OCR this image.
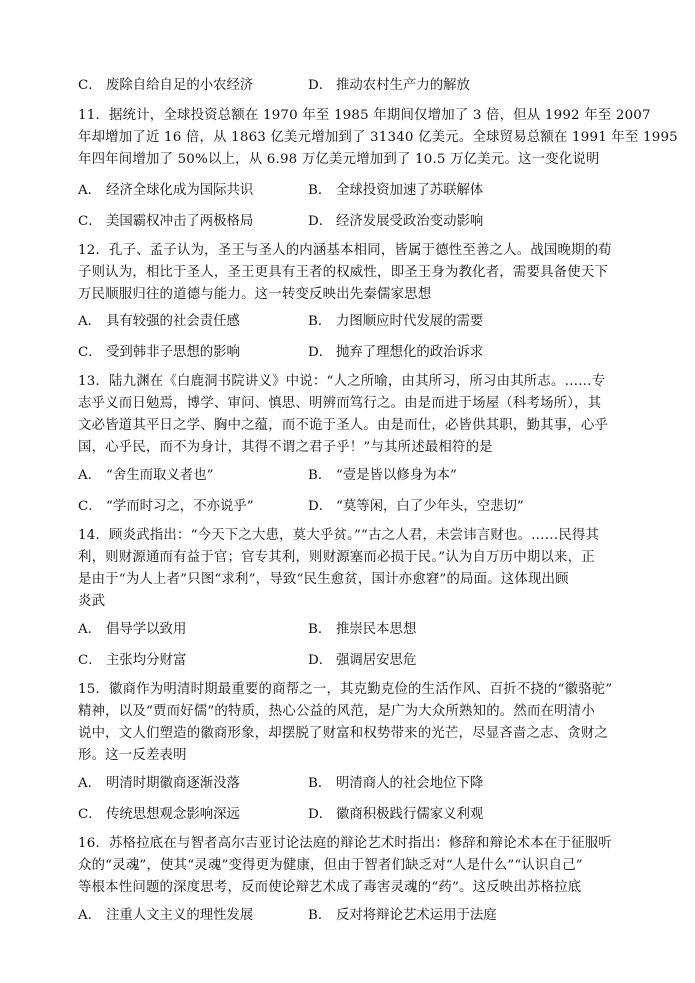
C． 废除自给自足的小农经济	D． 推动农村生产力的解放
11．据统计，全球投资总额在 1970 年至 1985 年期间仅增加了 3 倍，但从 1992 年至 2007
年却增加了近 16 倍，从 1863 亿美元增加到了 31340 亿美元。全球贸易总额在 1991 年至 1995
年四年间增加了 50%以上，从 6.98 万亿美元增加到了 10.5 万亿美元。这一变化说明
A． 经济全球化成为国际共识	B． 全球投资加速了苏联解体
C． 美国霸权冲击了两极格局	D． 经济发展受政治变动影响
12．孔子、孟子认为，圣王与圣人的内涵基本相同，皆属于德性至善之人。战国晚期的荀
子则认为，相比于圣人，圣王更具有王者的权威性，即圣王身为教化者，需要具备使天下
万民顺服归往的道德与能力。这一转变反映出先秦儒家思想
A． 具有较强的社会责任感	B． 力图顺应时代发展的需要
C． 受到韩非子思想的影响	D． 抛弃了理想化的政治诉求
13．陆九渊在《白鹿洞书院讲义》中说：“人之所喻，由其所习，所习由其所志。……专
志乎义而日勉焉，博学、审问、慎思、明辨而笃行之。由是而进于场屋（科考场所），其
文必皆道其平日之学、胸中之蕴，而不诡于圣人。由是而仕，必皆供其职，勤其事，心乎
国，心乎民，而不为身计，其得不谓之君子乎！”与其所述最相符的是
A． “舍生而取义者也”	B． “壹是皆以修身为本”
C． “学而时习之，不亦说乎”	D． “莫等闲，白了少年头，空悲切”
14．顾炎武指出：“今天下之大患，莫大乎贫。”“古之人君，未尝讳言财也。……民得其
利，则财源通而有益于官；官专其利，则财源塞而必损于民。”认为自万历中期以来，正
是由于“为人上者”只图“求利”，导致“民生愈贫，国计亦愈窘”的局面。这体现出顾
炎武
A． 倡导学以致用	B． 推崇民本思想
C． 主张均分财富	D． 强调居安思危
15．徽商作为明清时期最重要的商帮之一，其克勤克俭的生活作风、百折不挠的“徽骆驼”
精神，以及“贾而好儒”的特质，热心公益的风范，是广为大众所熟知的。然而在明清小
说中，文人们塑造的徽商形象，却摆脱了财富和权势带来的光芒，尽显吝啬之志、贪财之
形。这一反差表明
A． 明清时期徽商逐渐没落	B． 明清商人的社会地位下降
C． 传统思想观念影响深远	D． 徽商积极践行儒家义利观
16．苏格拉底在与智者高尔吉亚讨论法庭的辩论艺术时指出：修辞和辩论术本在于征服听
众的“灵魂”，使其“灵魂”变得更为健康，但由于智者们缺乏对“人是什么”“认识自己”
等根本性问题的深度思考，反而使论辩艺术成了毒害灵魂的“药”。这反映出苏格拉底
A． 注重人文主义的理性发展	B． 反对将辩论艺术运用于法庭
